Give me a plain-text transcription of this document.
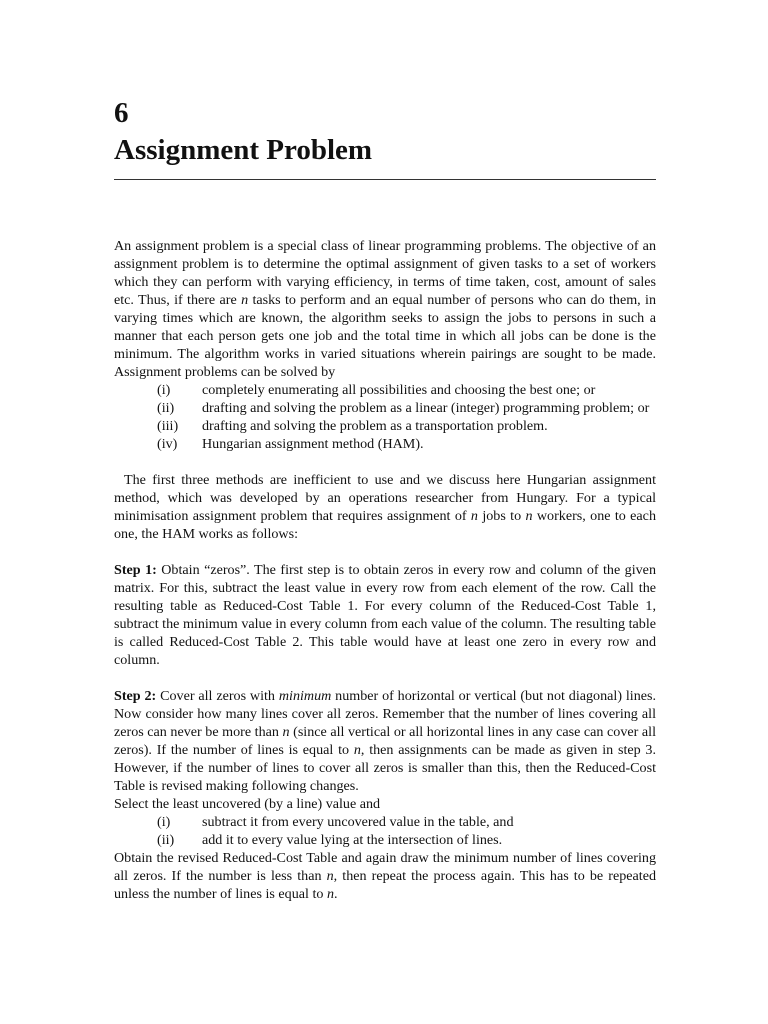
6
Assignment Problem

An assignment problem is a special class of linear programming problems. The objective of an assignment problem is to determine the optimal assignment of given tasks to a set of workers which they can perform with varying efficiency, in terms of time taken, cost, amount of sales etc. Thus, if there are n tasks to perform and an equal number of persons who can do them, in varying times which are known, the algorithm seeks to assign the jobs to persons in such a manner that each person gets one job and the total time in which all jobs can be done is the minimum. The algorithm works in varied situations wherein pairings are sought to be made. Assignment problems can be solved by

(i)	completely enumerating all possibilities and choosing the best one; or
(ii)	drafting and solving the problem as a linear (integer) programming problem; or
(iii)	drafting and solving the problem as a transportation problem.
(iv)	Hungarian assignment method (HAM).

The first three methods are inefficient to use and we discuss here Hungarian assignment method, which was developed by an operations researcher from Hungary. For a typical minimisation assignment problem that requires assignment of n jobs to n workers, one to each one, the HAM works as follows:

Step 1: Obtain “zeros”. The first step is to obtain zeros in every row and column of the given matrix. For this, subtract the least value in every row from each element of the row. Call the resulting table as Reduced-Cost Table 1. For every column of the Reduced-Cost Table 1, subtract the minimum value in every column from each value of the column. The resulting table is called Reduced-Cost Table 2. This table would have at least one zero in every row and column.

Step 2: Cover all zeros with minimum number of horizontal or vertical (but not diagonal) lines. Now consider how many lines cover all zeros. Remember that the number of lines covering all zeros can never be more than n (since all vertical or all horizontal lines in any case can cover all zeros). If the number of lines is equal to n, then assignments can be made as given in step 3. However, if the number of lines to cover all zeros is smaller than this, then the Reduced-Cost Table is revised making following changes.

Select the least uncovered (by a line) value and

(i)	subtract it from every uncovered value in the table, and
(ii)	add it to every value lying at the intersection of lines.

Obtain the revised Reduced-Cost Table and again draw the minimum number of lines covering all zeros. If the number is less than n, then repeat the process again. This has to be repeated unless the number of lines is equal to n.
